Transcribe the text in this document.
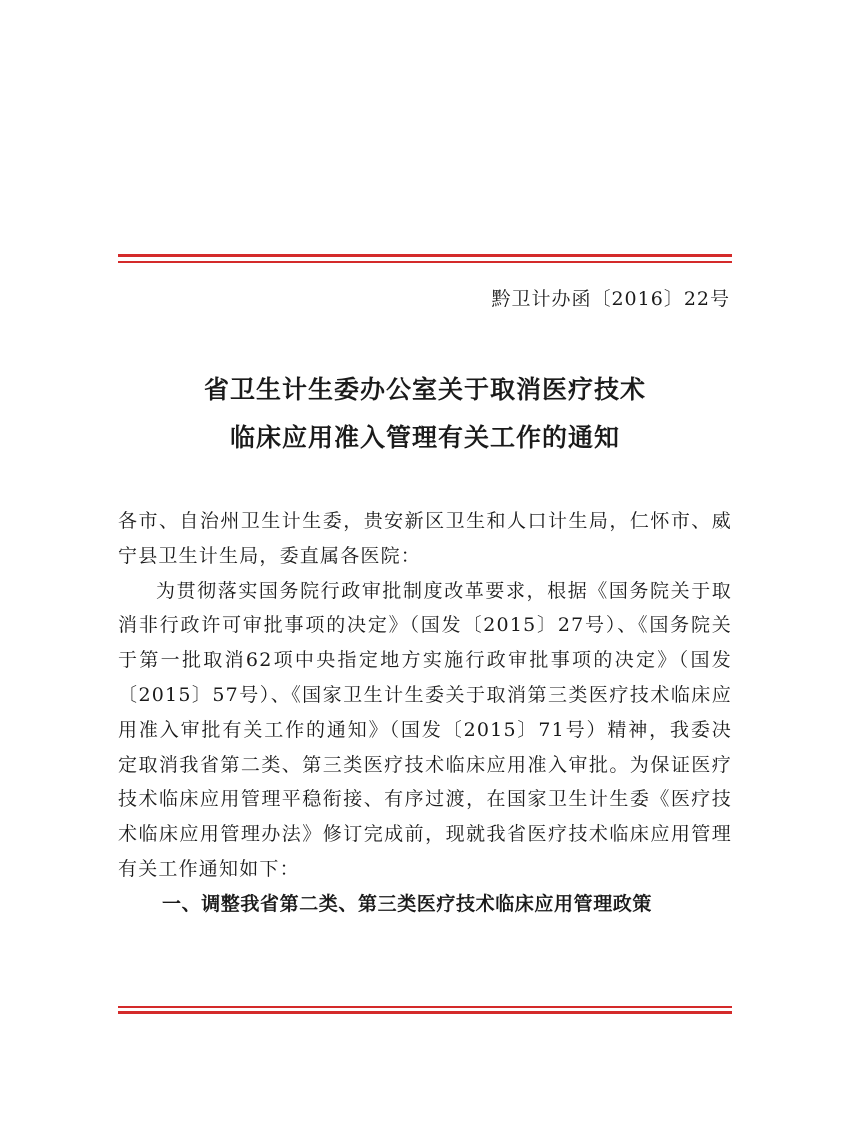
黔卫计办函〔2016〕22号
省卫生计生委办公室关于取消医疗技术
临床应用准入管理有关工作的通知

各市、自治州卫生计生委，贵安新区卫生和人口计生局，仁怀市、威宁县卫生计生局，委直属各医院：

为贯彻落实国务院行政审批制度改革要求，根据《国务院关于取消非行政许可审批事项的决定》（国发〔2015〕27号）、《国务院关于第一批取消62项中央指定地方实施行政审批事项的决定》（国发〔2015〕57号）、《国家卫生计生委关于取消第三类医疗技术临床应用准入审批有关工作的通知》（国发〔2015〕71号）精神，我委决定取消我省第二类、第三类医疗技术临床应用准入审批。为保证医疗技术临床应用管理平稳衔接、有序过渡，在国家卫生计生委《医疗技术临床应用管理办法》修订完成前，现就我省医疗技术临床应用管理有关工作通知如下：

一、调整我省第二类、第三类医疗技术临床应用管理政策
